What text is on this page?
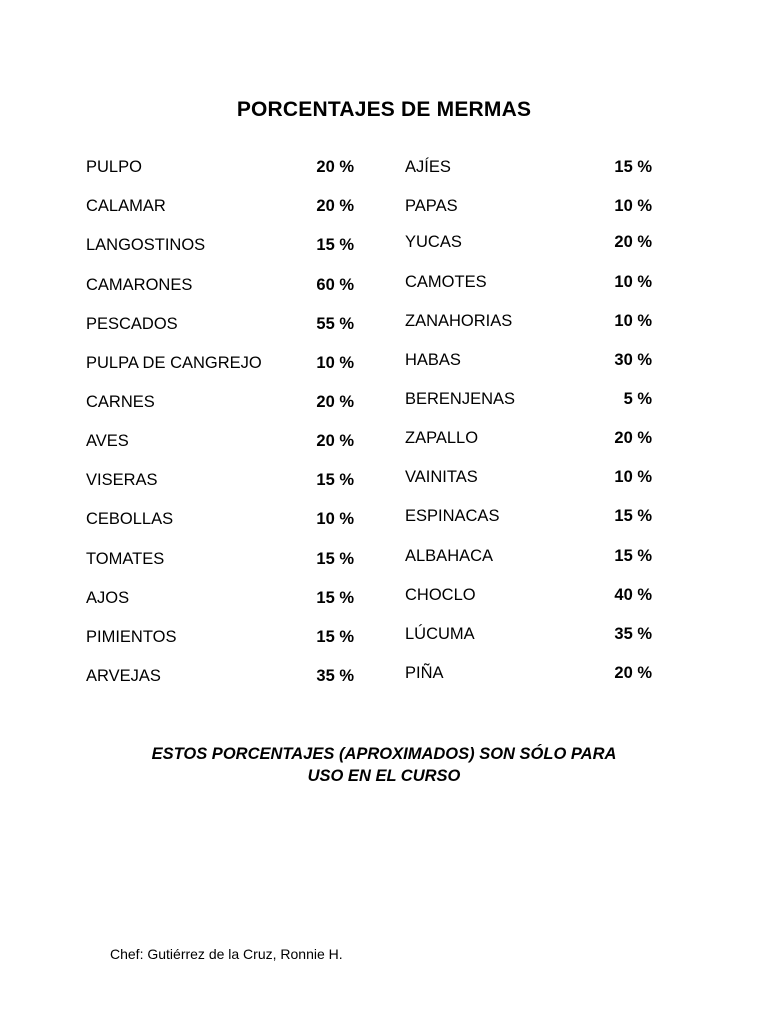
PORCENTAJES DE MERMAS
PULPO	20 %
CALAMAR	20 %
LANGOSTINOS	15 %
CAMARONES	60 %
PESCADOS	55 %
PULPA DE CANGREJO	10 %
CARNES	20 %
AVES	20 %
VISERAS	15 %
CEBOLLAS	10 %
TOMATES	15 %
AJOS	15 %
PIMIENTOS	15 %
ARVEJAS	35 %
AJÍES	15 %
PAPAS	10 %
YUCAS	20 %
CAMOTES	10 %
ZANAHORIAS	10 %
HABAS	30 %
BERENJENAS	5 %
ZAPALLO	20 %
VAINITAS	10 %
ESPINACAS	15 %
ALBAHACA	15 %
CHOCLO	40 %
LÚCUMA	35 %
PIÑA	20 %
ESTOS PORCENTAJES (APROXIMADOS) SON SÓLO PARA
USO EN EL CURSO
Chef: Gutiérrez de la Cruz, Ronnie H.
